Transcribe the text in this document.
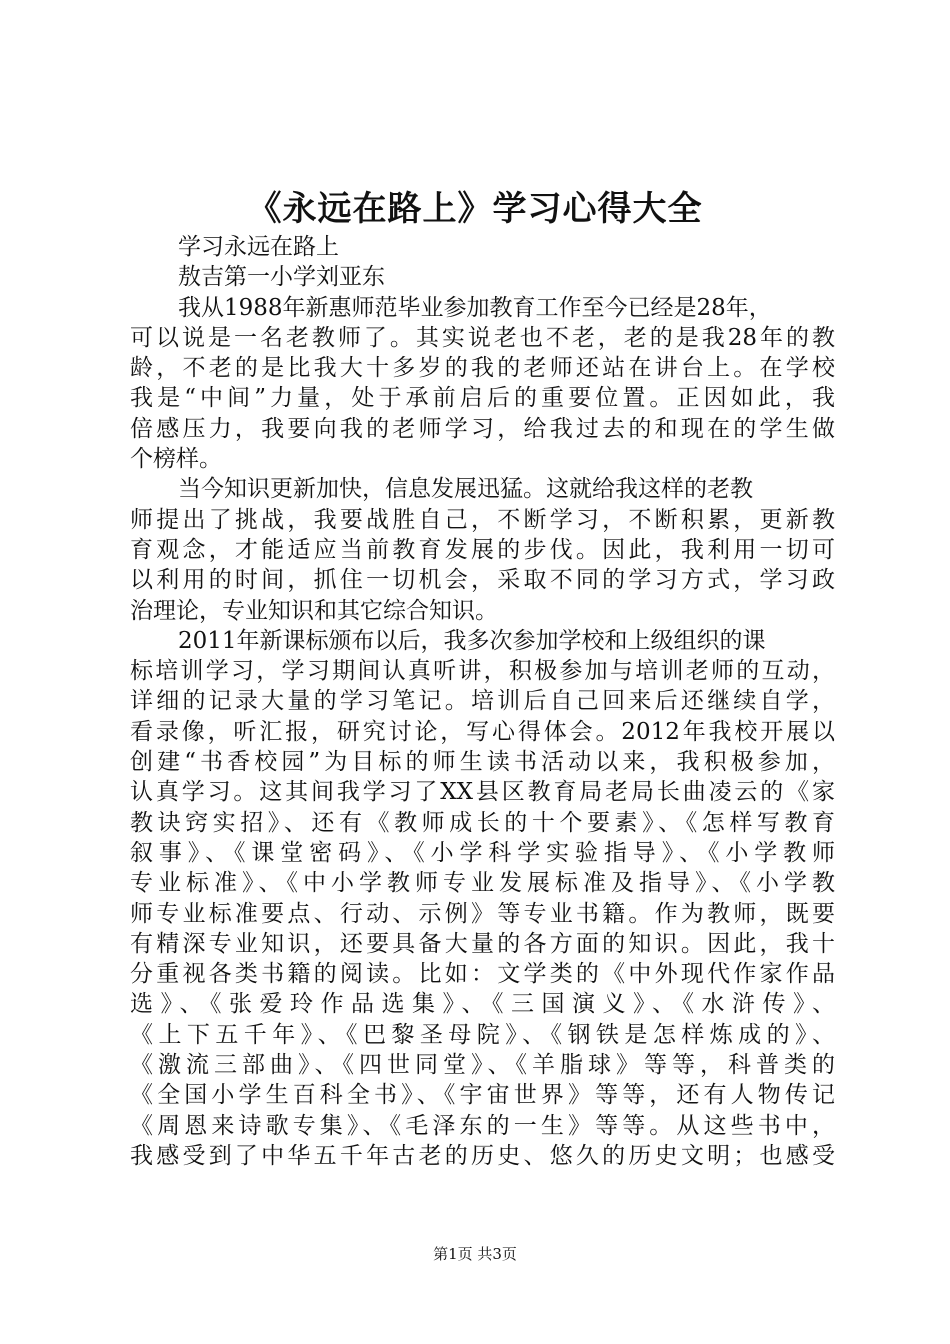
《永远在路上》学习心得大全
学习永远在路上
敖吉第一小学刘亚东
我从1988年新惠师范毕业参加教育工作至今已经是28年，
可以说是一名老教师了。其实说老也不老，老的是我28年的教
龄，不老的是比我大十多岁的我的老师还站在讲台上。在学校
我是“中间”力量，处于承前启后的重要位置。正因如此，我
倍感压力，我要向我的老师学习，给我过去的和现在的学生做
个榜样。
当今知识更新加快，信息发展迅猛。这就给我这样的老教
师提出了挑战，我要战胜自己，不断学习，不断积累，更新教
育观念，才能适应当前教育发展的步伐。因此，我利用一切可
以利用的时间，抓住一切机会，采取不同的学习方式，学习政
治理论，专业知识和其它综合知识。
2011年新课标颁布以后，我多次参加学校和上级组织的课
标培训学习，学习期间认真听讲，积极参加与培训老师的互动，
详细的记录大量的学习笔记。培训后自己回来后还继续自学，
看录像，听汇报，研究讨论，写心得体会。2012年我校开展以
创建“书香校园”为目标的师生读书活动以来，我积极参加，
认真学习。这其间我学习了XX县区教育局老局长曲凌云的《家
教诀窍实招》、还有《教师成长的十个要素》、《怎样写教育
叙事》、《课堂密码》、《小学科学实验指导》、《小学教师
专业标准》、《中小学教师专业发展标准及指导》、《小学教
师专业标准要点、行动、示例》等专业书籍。作为教师，既要
有精深专业知识，还要具备大量的各方面的知识。因此，我十
分重视各类书籍的阅读。比如：文学类的《中外现代作家作品
选》、《张爱玲作品选集》、《三国演义》、《水浒传》、
《上下五千年》、《巴黎圣母院》、《钢铁是怎样炼成的》、
《激流三部曲》、《四世同堂》、《羊脂球》等等，科普类的
《全国小学生百科全书》、《宇宙世界》等等，还有人物传记
《周恩来诗歌专集》、《毛泽东的一生》等等。从这些书中，
我感受到了中华五千年古老的历史、悠久的历史文明；也感受
第1页 共3页
